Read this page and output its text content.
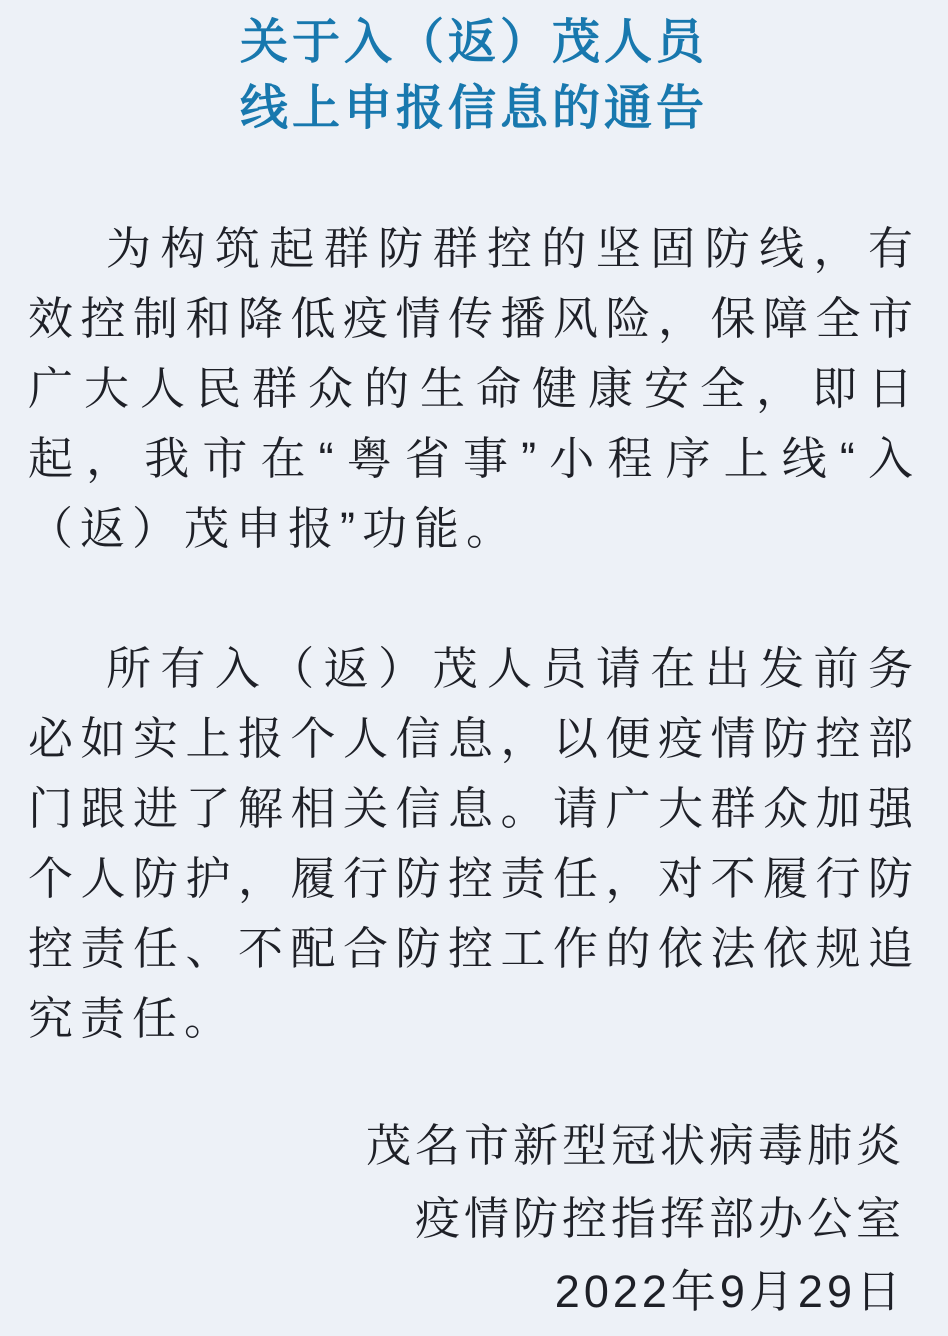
关于入（返）茂人员
线上申报信息的通告

为构筑起群防群控的坚固防线，有效控制和降低疫情传播风险，保障全市广大人民群众的生命健康安全，即日起，我市在“粤省事”小程序上线“入（返）茂申报”功能。

所有入（返）茂人员请在出发前务必如实上报个人信息，以便疫情防控部门跟进了解相关信息。请广大群众加强个人防护，履行防控责任，对不履行防控责任、不配合防控工作的依法依规追究责任。

茂名市新型冠状病毒肺炎
疫情防控指挥部办公室
2022年9月29日
